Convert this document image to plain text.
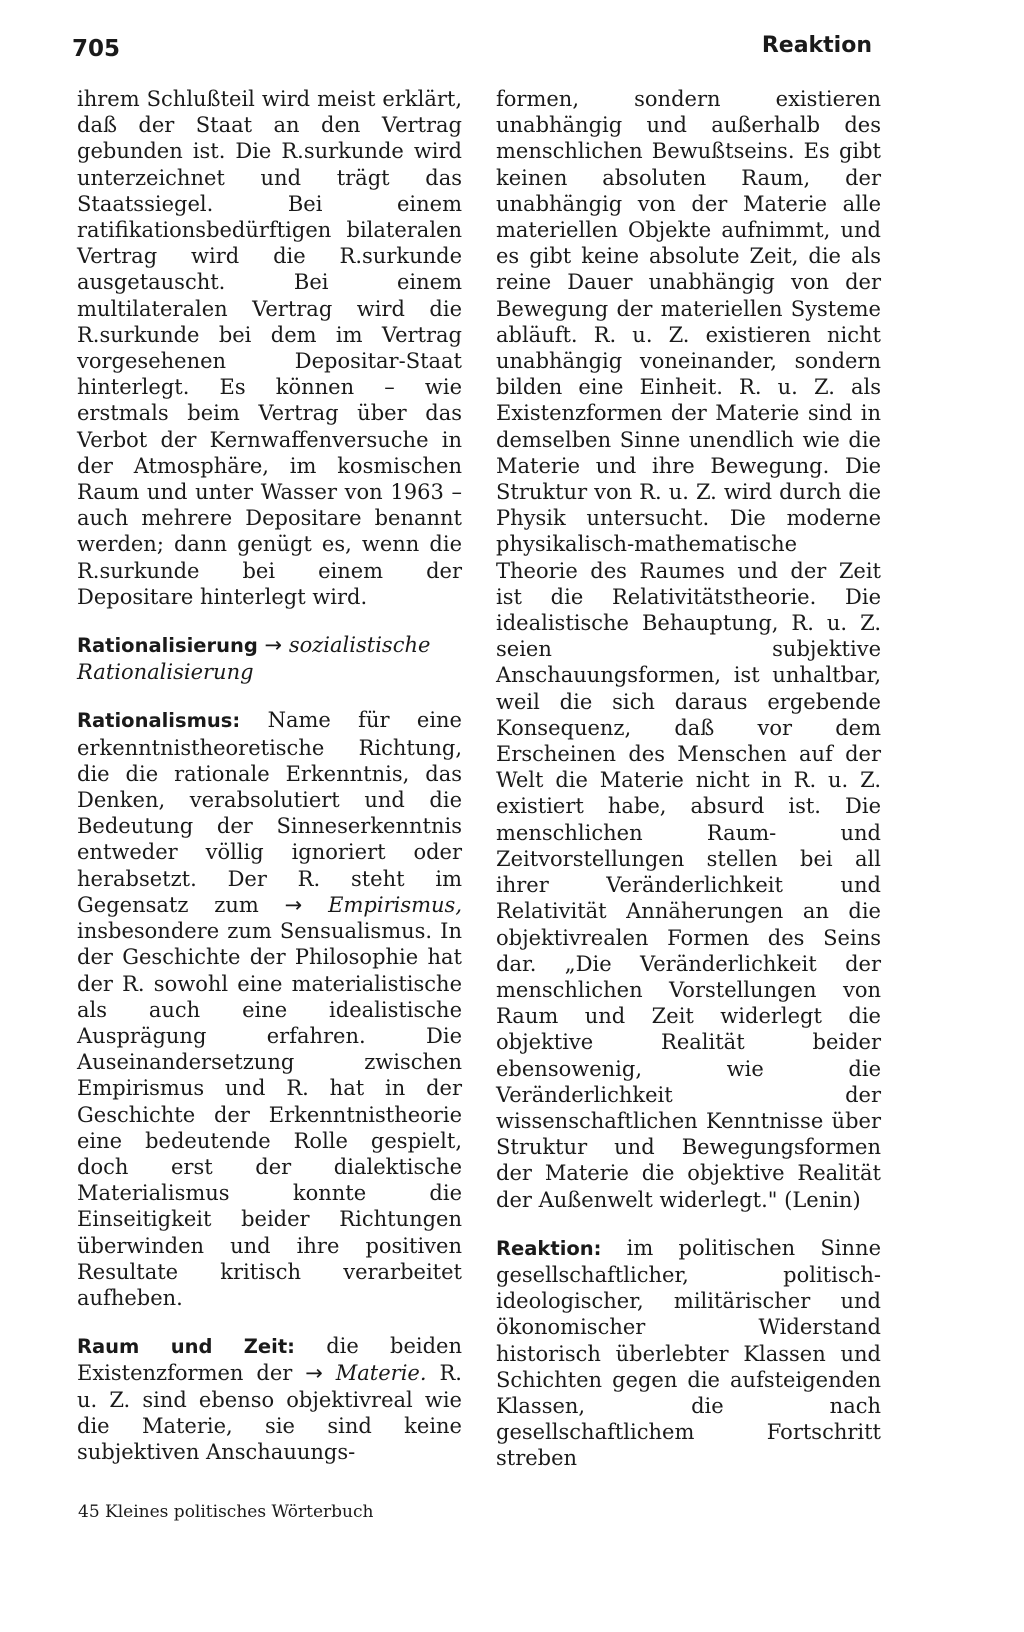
705	Reaktion

ihrem Schlußteil wird meist erklärt, daß der Staat an den Vertrag gebunden ist. Die R.surkunde wird unterzeichnet und trägt das Staatssiegel. Bei einem ratifikationsbedürftigen bilateralen Vertrag wird die R.surkunde ausgetauscht. Bei einem multilateralen Vertrag wird die R.surkunde bei dem im Vertrag vorgesehenen Depositar-Staat hinterlegt. Es können – wie erstmals beim Vertrag über das Verbot der Kernwaffenversuche in der Atmosphäre, im kosmischen Raum und unter Wasser von 1963 – auch mehrere Depositare benannt werden; dann genügt es, wenn die R.surkunde bei einem der Depositare hinterlegt wird.

Rationalisierung → sozialistische Rationalisierung

Rationalismus: Name für eine erkenntnistheoretische Richtung, die die rationale Erkenntnis, das Denken, verabsolutiert und die Bedeutung der Sinneserkenntnis entweder völlig ignoriert oder herabsetzt. Der R. steht im Gegensatz zum → Empirismus, insbesondere zum Sensualismus. In der Geschichte der Philosophie hat der R. sowohl eine materialistische als auch eine idealistische Ausprägung erfahren. Die Auseinandersetzung zwischen Empirismus und R. hat in der Geschichte der Erkenntnistheorie eine bedeutende Rolle gespielt, doch erst der dialektische Materialismus konnte die Einseitigkeit beider Richtungen überwinden und ihre positiven Resultate kritisch verarbeitet aufheben.

Raum und Zeit: die beiden Existenzformen der → Materie. R. u. Z. sind ebenso objektivreal wie die Materie, sie sind keine subjektiven Anschauungs-

formen, sondern existieren unabhängig und außerhalb des menschlichen Bewußtseins. Es gibt keinen absoluten Raum, der unabhängig von der Materie alle materiellen Objekte aufnimmt, und es gibt keine absolute Zeit, die als reine Dauer unabhängig von der Bewegung der materiellen Systeme abläuft. R. u. Z. existieren nicht unabhängig voneinander, sondern bilden eine Einheit. R. u. Z. als Existenzformen der Materie sind in demselben Sinne unendlich wie die Materie und ihre Bewegung. Die Struktur von R. u. Z. wird durch die Physik untersucht. Die moderne physikalisch-mathematische Theorie des Raumes und der Zeit ist die Relativitätstheorie. Die idealistische Behauptung, R. u. Z. seien subjektive Anschauungsformen, ist unhaltbar, weil die sich daraus ergebende Konsequenz, daß vor dem Erscheinen des Menschen auf der Welt die Materie nicht in R. u. Z. existiert habe, absurd ist. Die menschlichen Raum- und Zeitvorstellungen stellen bei all ihrer Veränderlichkeit und Relativität Annäherungen an die objektivrealen Formen des Seins dar. „Die Veränderlichkeit der menschlichen Vorstellungen von Raum und Zeit widerlegt die objektive Realität beider ebensowenig, wie die Veränderlichkeit der wissenschaftlichen Kenntnisse über Struktur und Bewegungsformen der Materie die objektive Realität der Außenwelt widerlegt." (Lenin)

Reaktion: im politischen Sinne gesellschaftlicher, politisch-ideologischer, militärischer und ökonomischer Widerstand historisch überlebter Klassen und Schichten gegen die aufsteigenden Klassen, die nach gesellschaftlichem Fortschritt streben

45 Kleines politisches Wörterbuch
